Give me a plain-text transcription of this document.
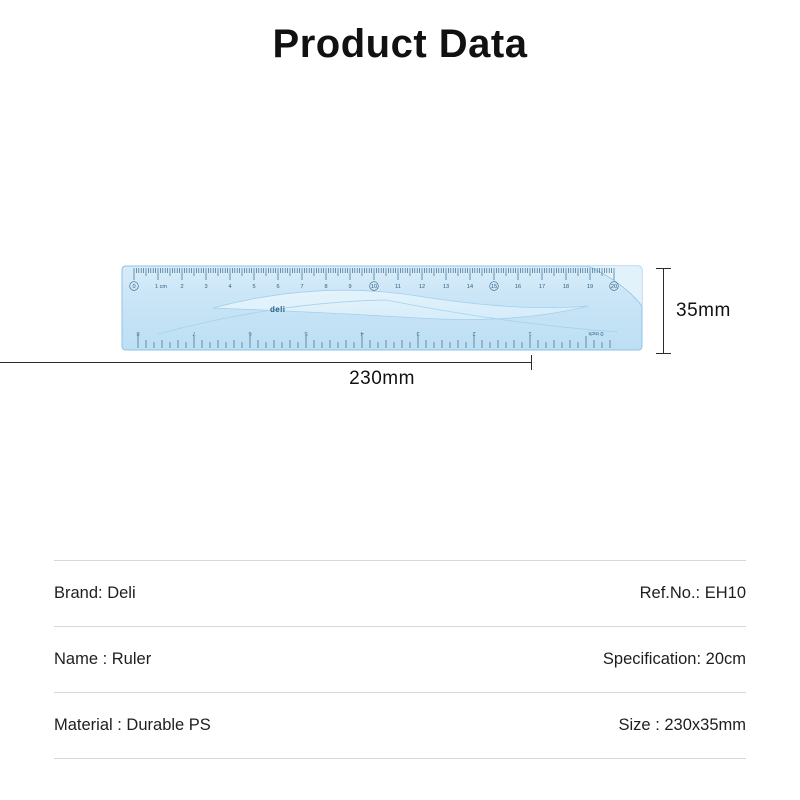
Product Data
0	1 cm 2	3	4	5	6	7	8	9	10	11	12	13	14	15	16	17	18	19	20
8	7	6	5	4	3	2	1	0 inch
deli
230mm
35mm
Brand: Deli	Ref.No.: EH10
Name : Ruler	Specification: 20cm
Material : Durable PS	Size : 230x35mm
